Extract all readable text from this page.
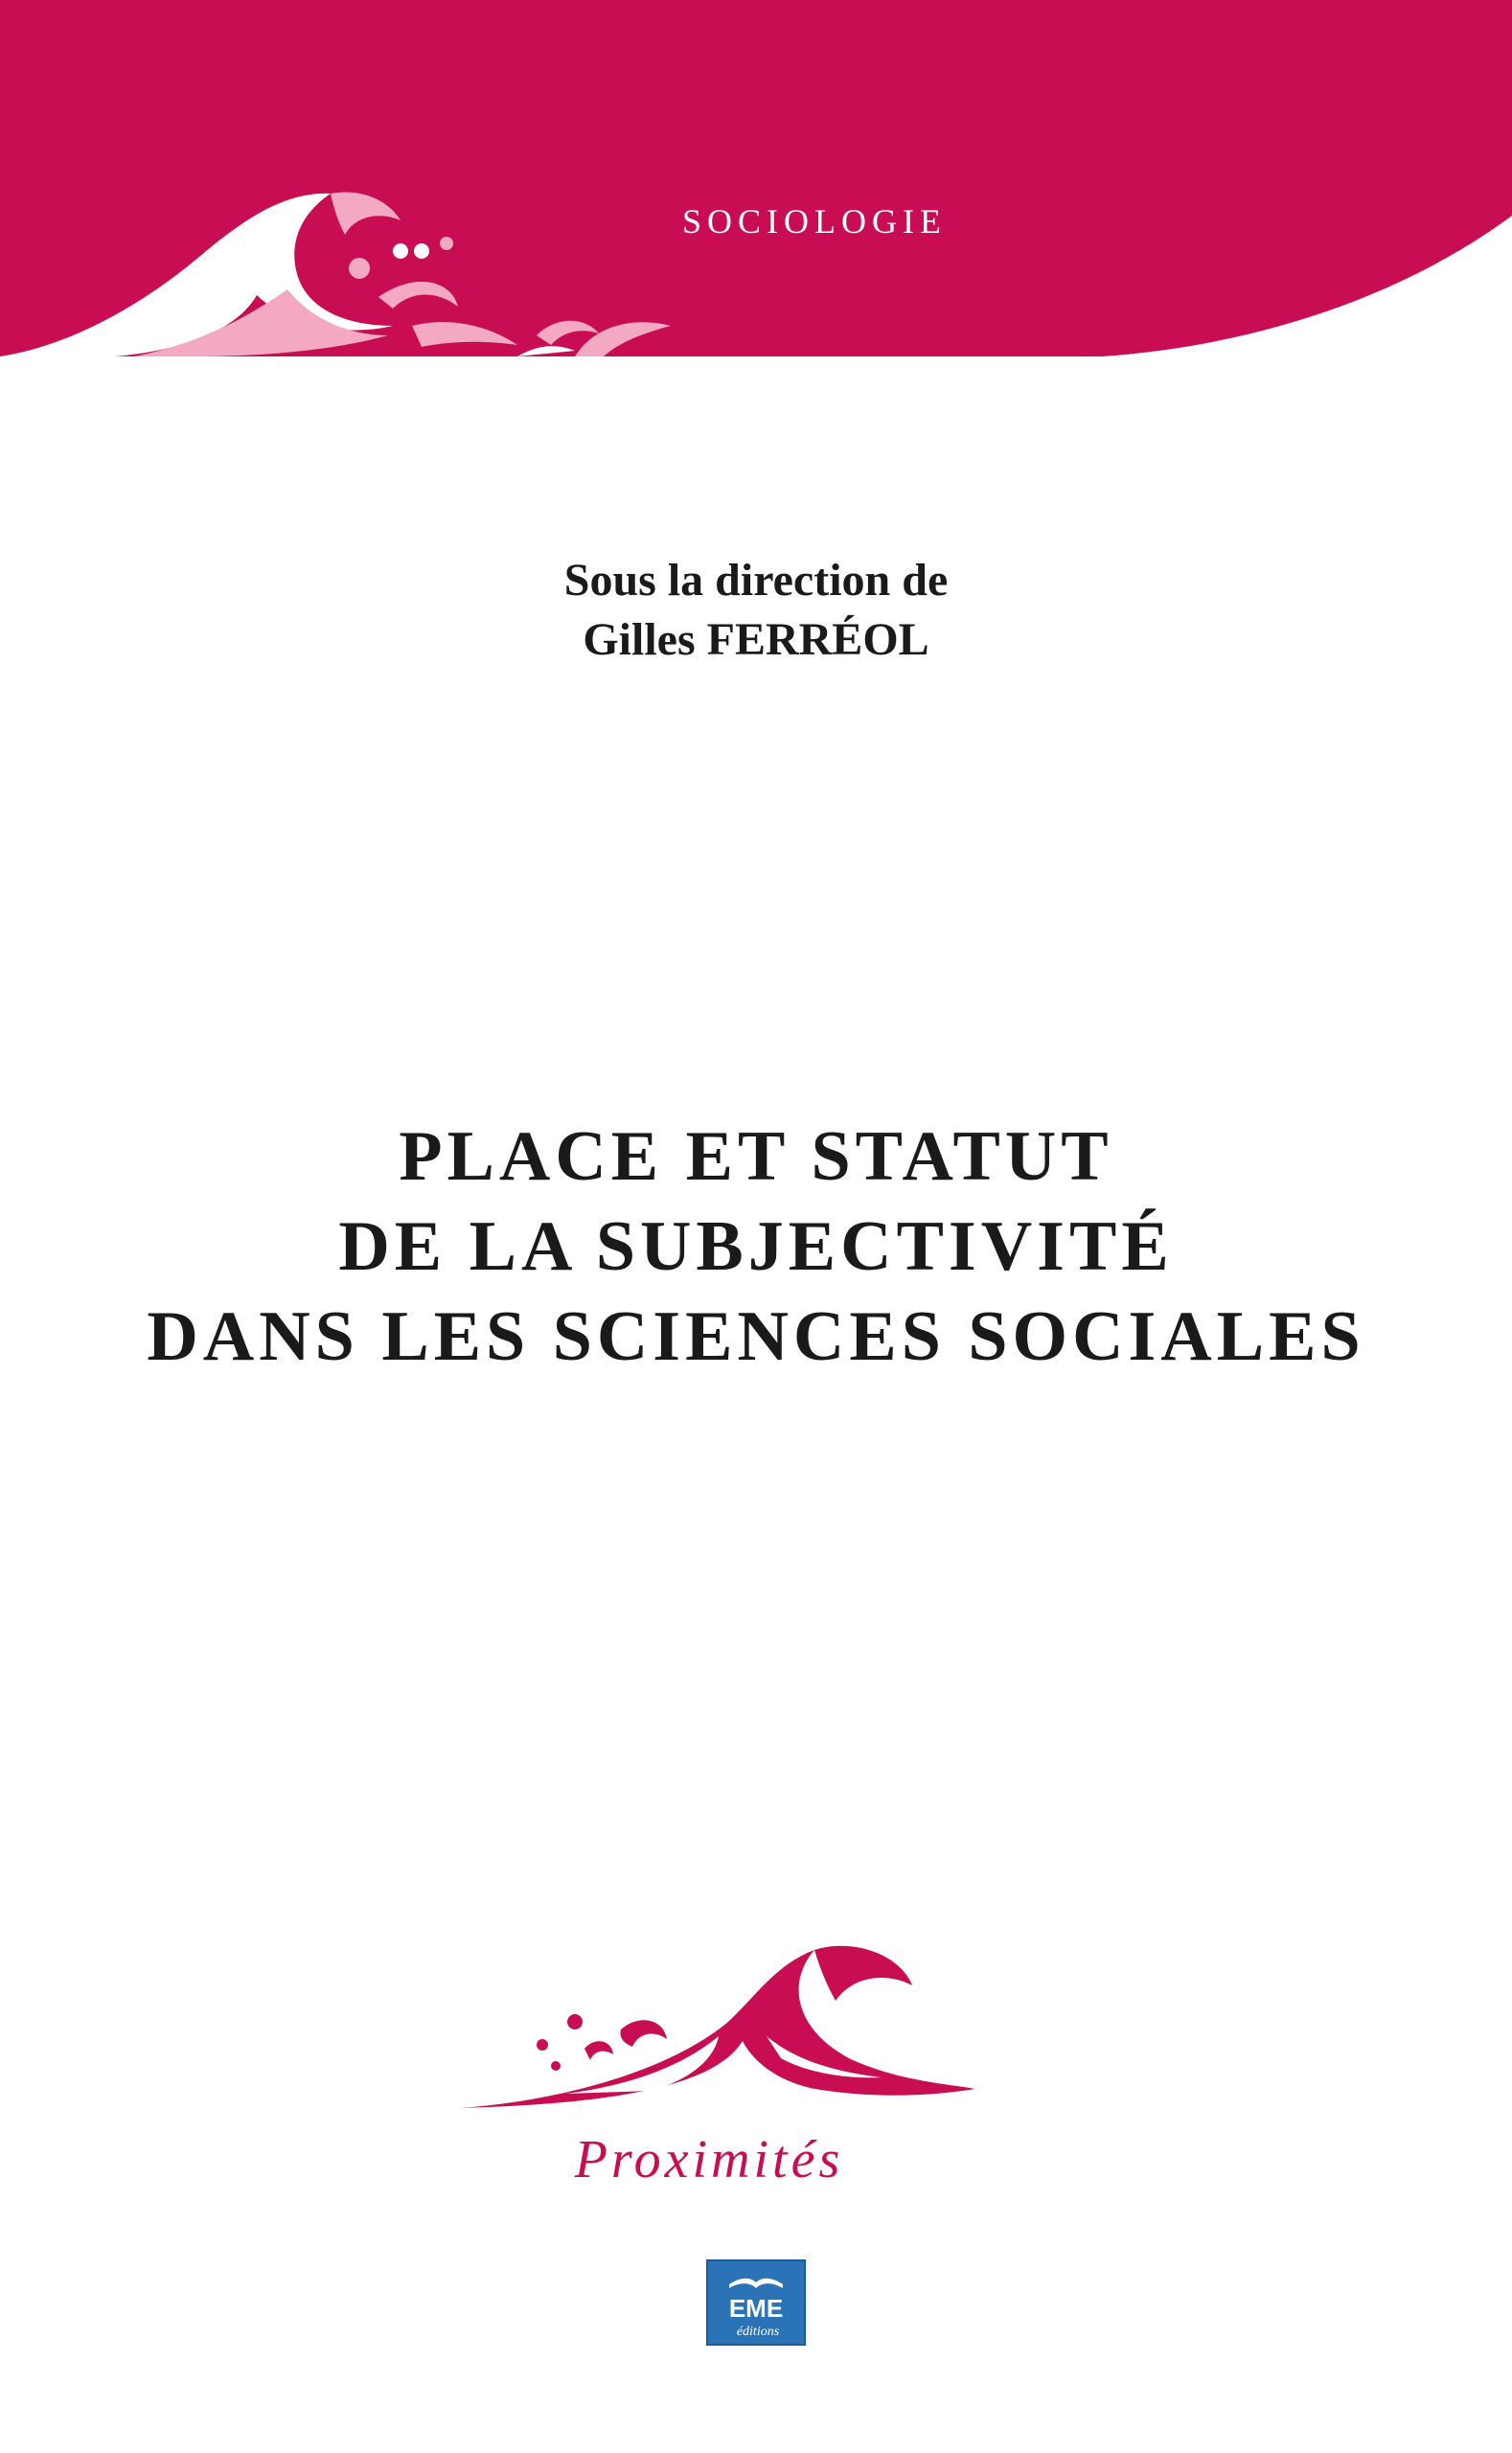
SOCIOLOGIE
Sous la direction de
Gilles FERRÉOL
PLACE ET STATUT
DE LA SUBJECTIVITÉ
DANS LES SCIENCES SOCIALES
Proximités
EME
éditions
